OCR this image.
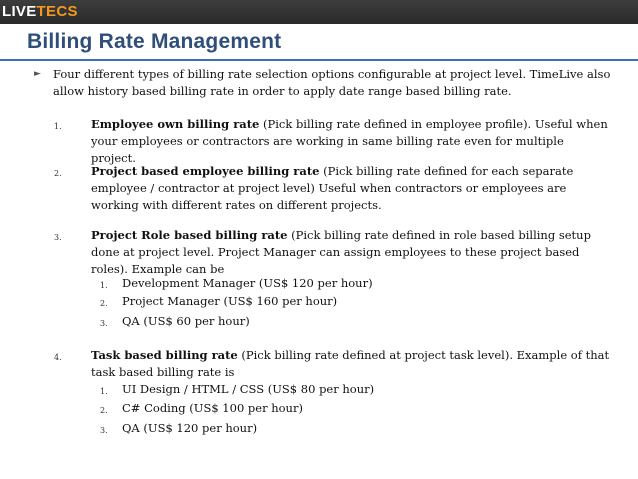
LIVETECS
Billing Rate Management
► Four different types of billing rate selection options configurable at project level. TimeLive also allow history based billing rate in order to apply date range based billing rate.
1.	Employee own billing rate (Pick billing rate defined in employee profile). Useful when your employees or contractors are working in same billing rate even for multiple project.
2.	Project based employee billing rate (Pick billing rate defined for each separate employee / contractor at project level) Useful when contractors or employees are working with different rates on different projects.
3.	Project Role based billing rate (Pick billing rate defined in role based billing setup done at project level. Project Manager can assign employees to these project based roles). Example can be
1. Development Manager (US$ 120 per hour)
2. Project Manager (US$ 160 per hour)
3. QA (US$ 60 per hour)
4.	Task based billing rate (Pick billing rate defined at project task level). Example of that task based billing rate is
1. UI Design / HTML / CSS (US$ 80 per hour)
2. C# Coding (US$ 100 per hour)
3. QA (US$ 120 per hour)
